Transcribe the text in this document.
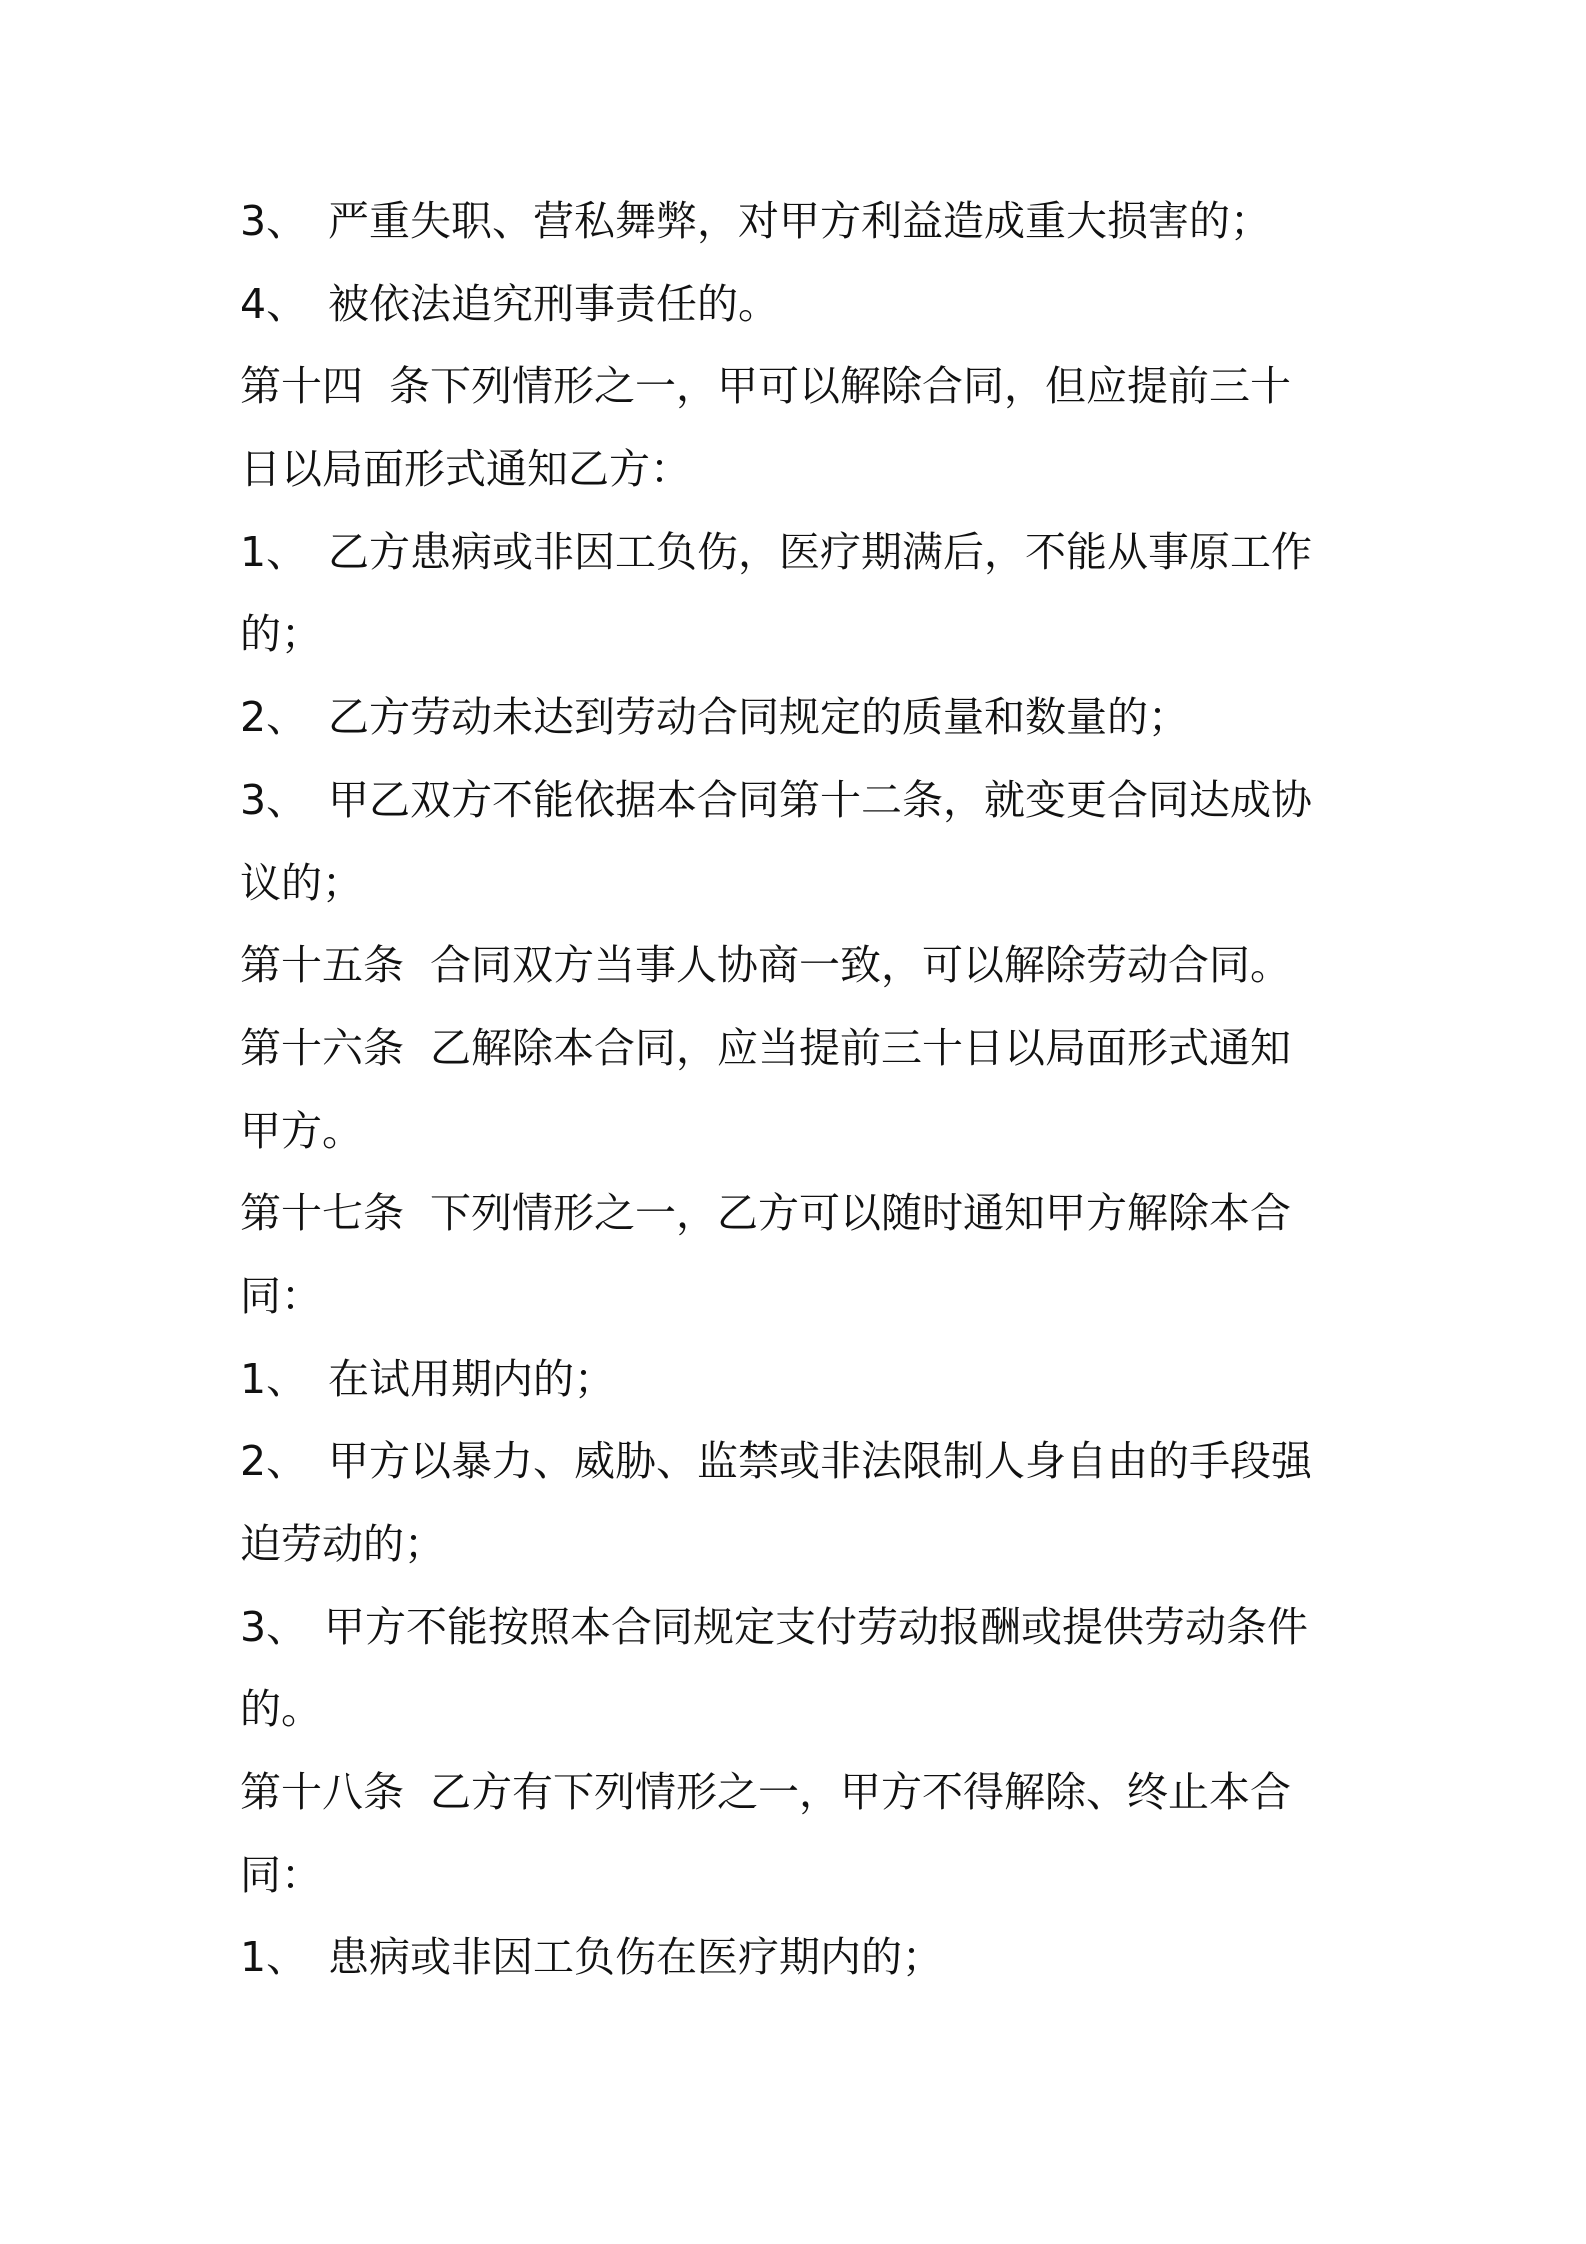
3、 严重失职、营私舞弊，对甲方利益造成重大损害的；
4、 被依法追究刑事责任的。
第十四 条下列情形之一，甲可以解除合同，但应提前三十
日以局面形式通知乙方：
1、 乙方患病或非因工负伤，医疗期满后，不能从事原工作
的；
2、 乙方劳动未达到劳动合同规定的质量和数量的；
3、 甲乙双方不能依据本合同第十二条，就变更合同达成协
议的；
第十五条 合同双方当事人协商一致，可以解除劳动合同。
第十六条 乙解除本合同，应当提前三十日以局面形式通知
甲方。
第十七条 下列情形之一，乙方可以随时通知甲方解除本合
同：
1、 在试用期内的；
2、 甲方以暴力、威胁、监禁或非法限制人身自由的手段强
迫劳动的；
3、 甲方不能按照本合同规定支付劳动报酬或提供劳动条件
的。
第十八条 乙方有下列情形之一，甲方不得解除、终止本合
同：
1、 患病或非因工负伤在医疗期内的；
